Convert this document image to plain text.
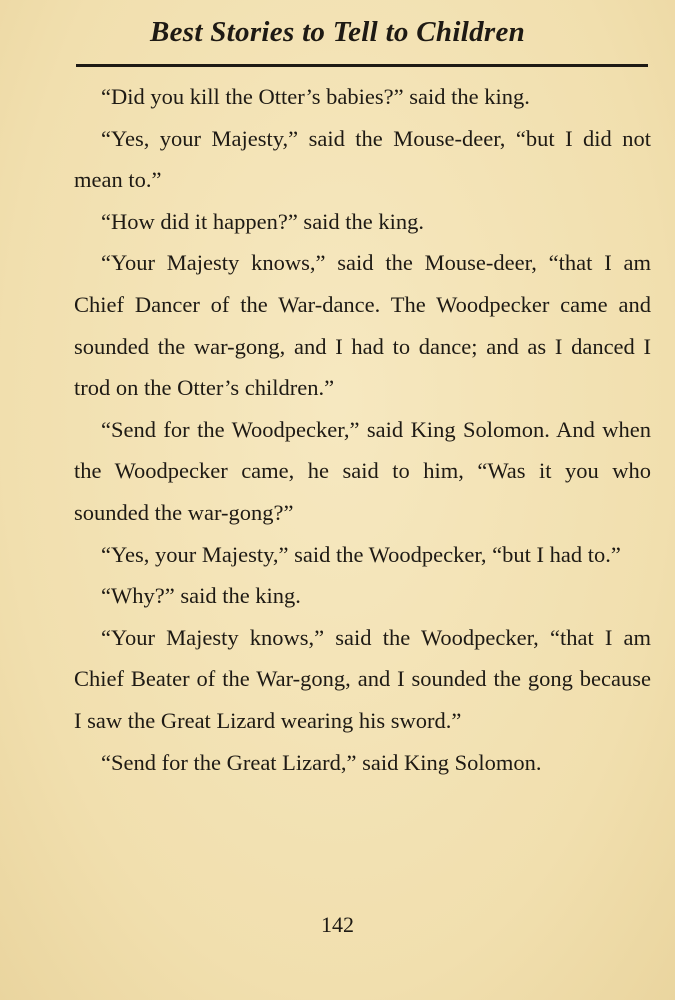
Best Stories to Tell to Children

“Did you kill the Otter’s babies?” said the king.

“Yes, your Majesty,” said the Mouse-deer, “but I did not mean to.”

“How did it happen?” said the king.

“Your Majesty knows,” said the Mouse-deer, “that I am Chief Dancer of the War-dance. The Woodpecker came and sounded the war-gong, and I had to dance; and as I danced I trod on the Otter’s children.”

“Send for the Woodpecker,” said King Solomon. And when the Woodpecker came, he said to him, “Was it you who sounded the war-gong?”

“Yes, your Majesty,” said the Woodpecker, “but I had to.”

“Why?” said the king.

“Your Majesty knows,” said the Woodpecker, “that I am Chief Beater of the War-gong, and I sounded the gong because I saw the Great Lizard wearing his sword.”

“Send for the Great Lizard,” said King Solomon.

142
